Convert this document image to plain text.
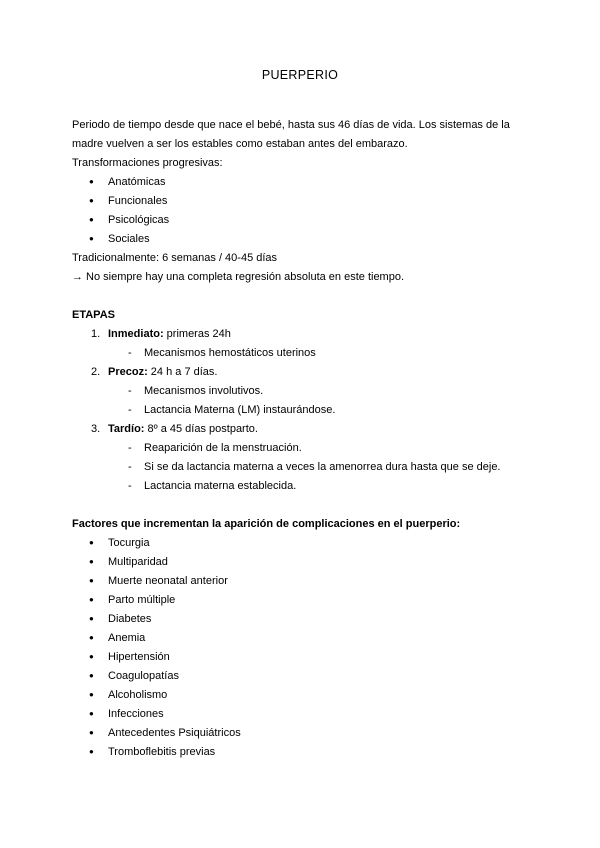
PUERPERIO
Periodo de tiempo desde que nace el bebé, hasta sus 46 días de vida. Los sistemas de la
madre vuelven a ser los estables como estaban antes del embarazo.
Transformaciones progresivas:
● Anatómicas
● Funcionales
● Psicológicas
● Sociales
Tradicionalmente: 6 semanas / 40-45 días
→ No siempre hay una completa regresión absoluta en este tiempo.
ETAPAS
1. Inmediato: primeras 24h
- Mecanismos hemostáticos uterinos
2. Precoz: 24 h a 7 días.
- Mecanismos involutivos.
- Lactancia Materna (LM) instaurándose.
3. Tardío: 8º a 45 días postparto.
- Reaparición de la menstruación.
- Si se da lactancia materna a veces la amenorrea dura hasta que se deje.
- Lactancia materna establecida.
Factores que incrementan la aparición de complicaciones en el puerperio:
● Tocurgia
● Multiparidad
● Muerte neonatal anterior
● Parto múltiple
● Diabetes
● Anemia
● Hipertensión
● Coagulopatías
● Alcoholismo
● Infecciones
● Antecedentes Psiquiátricos
● Tromboflebitis previas
